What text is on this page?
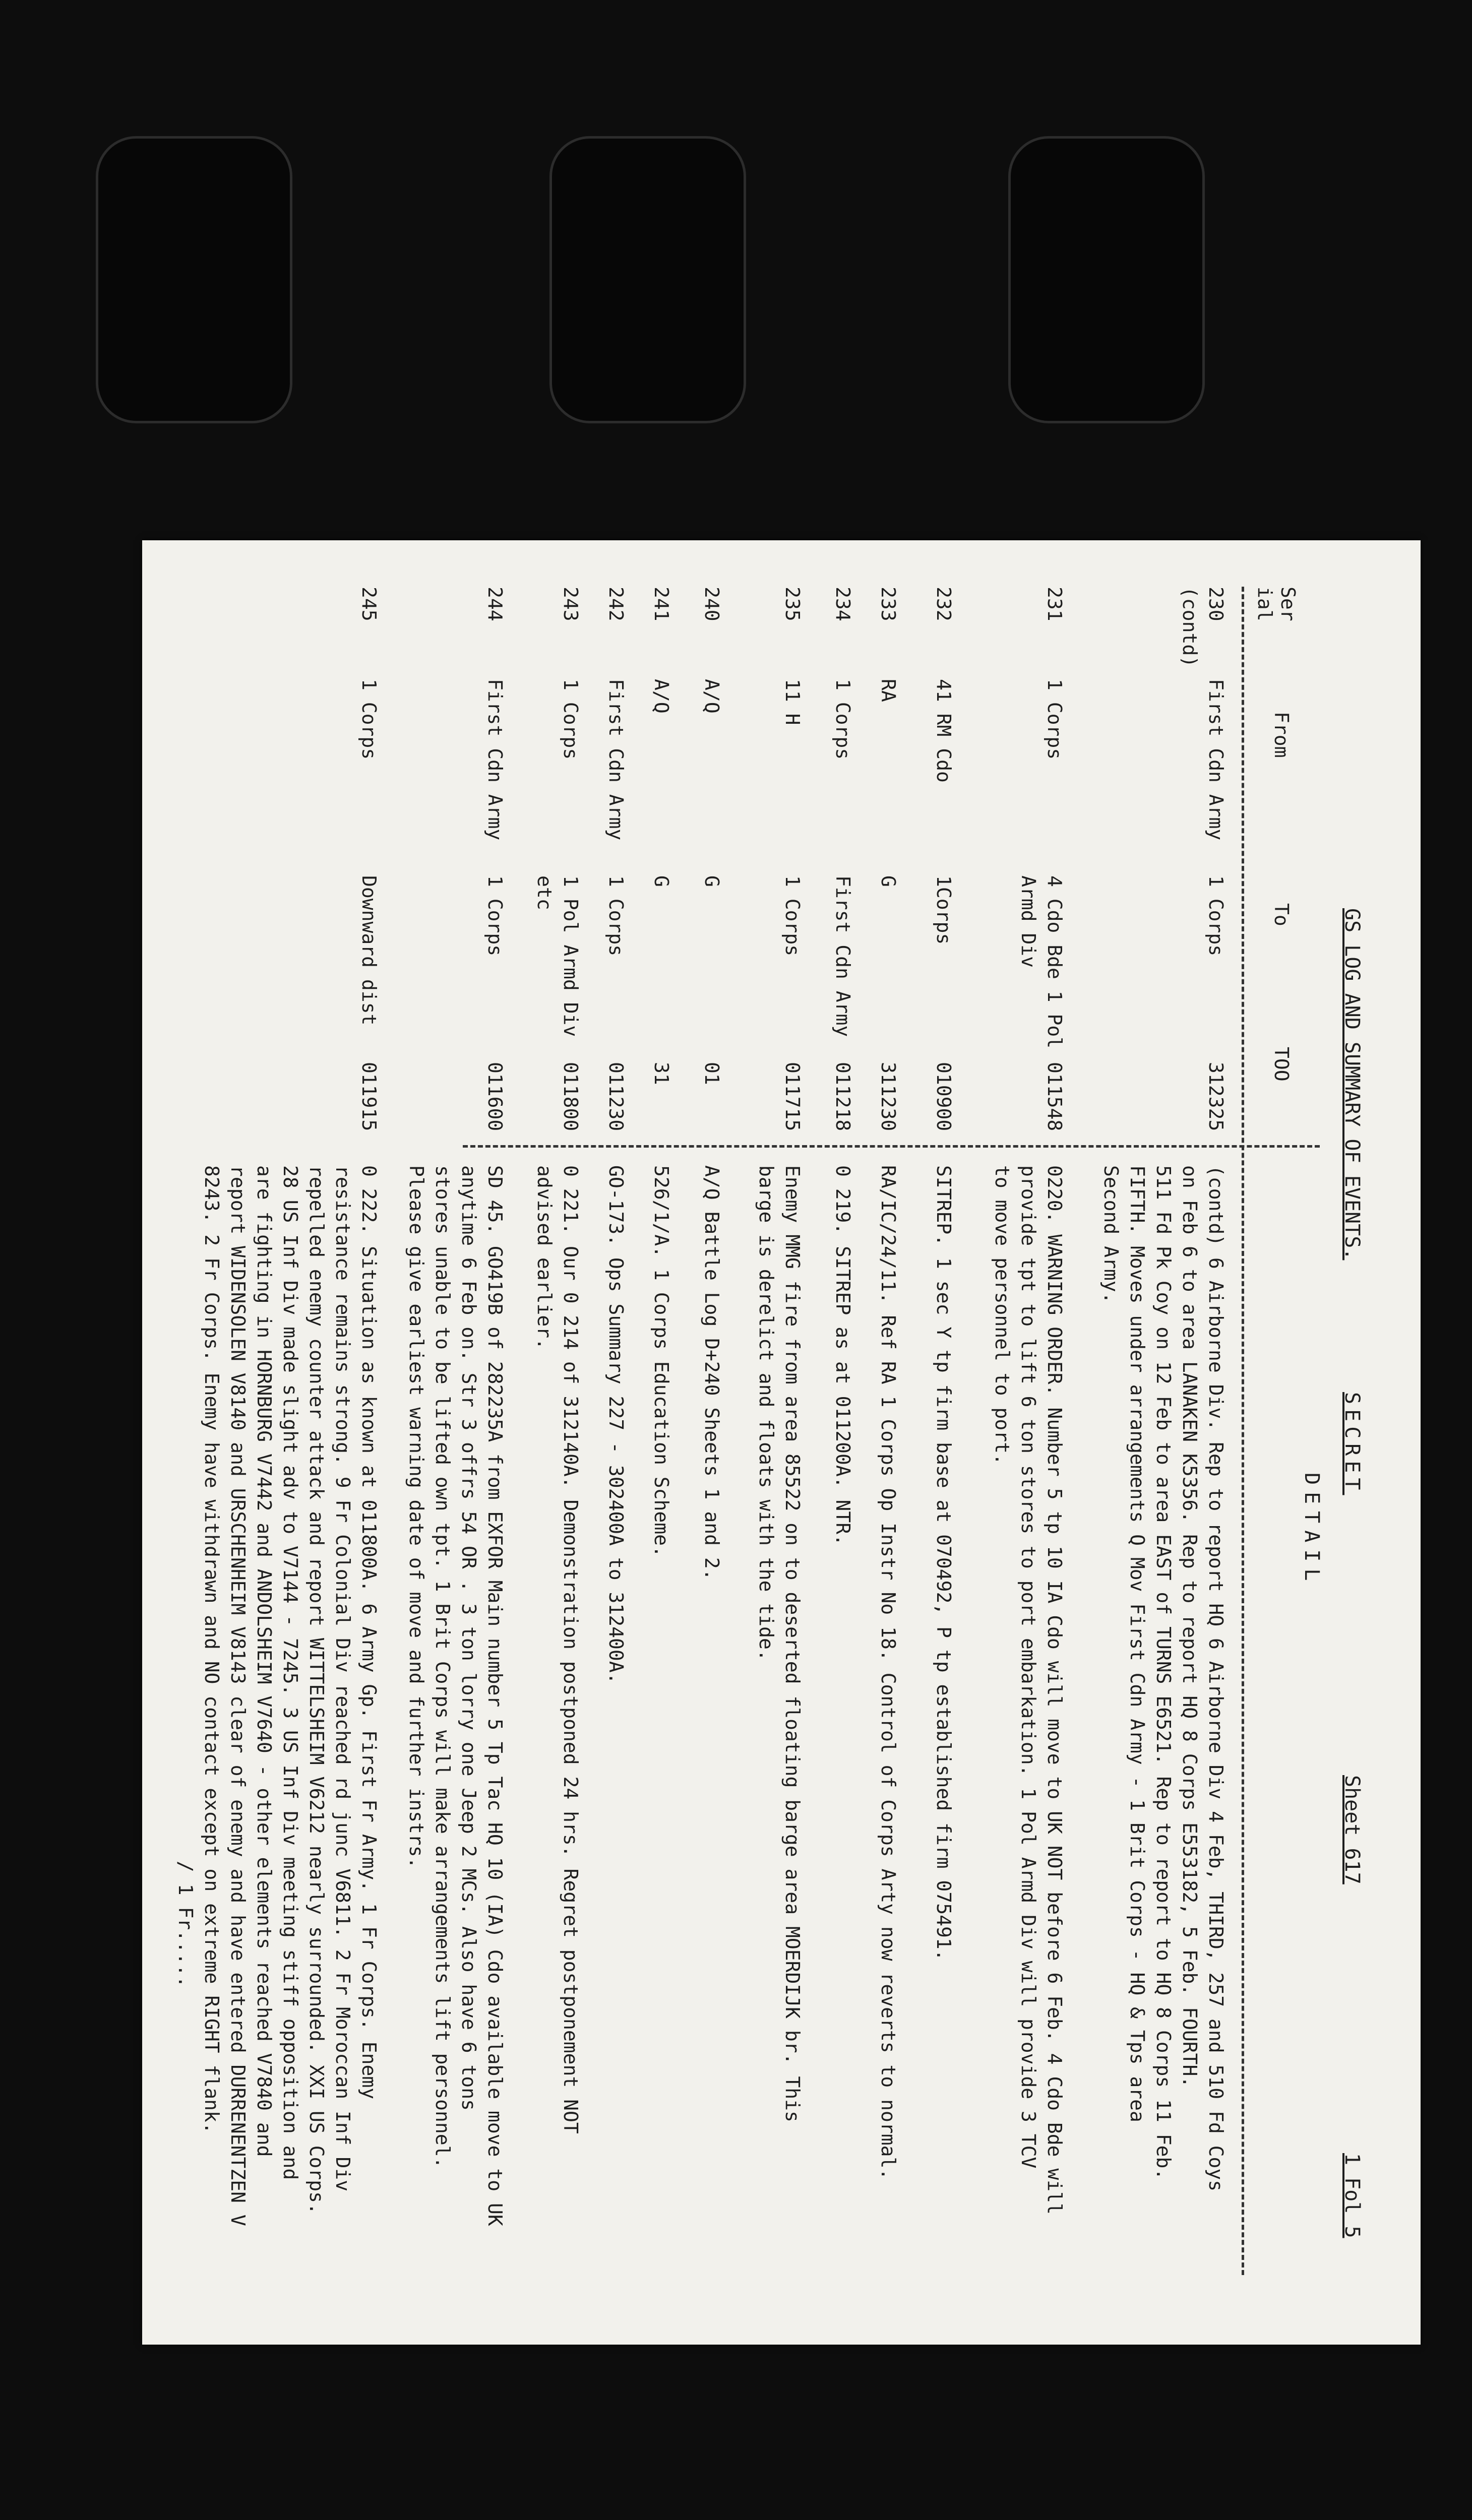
GS LOG AND SUMMARY OF EVENTS.
SECRET
Sheet 617
1 Fol 5
DETAIL
Ser ial
From
To
TOO
230 (contd)
First Cdn Army
1 Corps
312325

(contd) 6 Airborne Div. Rep to report HQ 6 Airborne Div 4 Feb, THIRD, 257 and 510 Fd Coys

on Feb 6 to area LANAKEN K5356. Rep to report HQ 8 Corps E553182, 5 Feb. FOURTH.

511 Fd Pk Coy on 12 Feb to area EAST of TURNS E6521. Rep to report to HQ 8 Corps 11 Feb.

FIFTH. Moves under arrangements Q Mov First Cdn Army - 1 Brit Corps - HQ & Tps area

Second Army.

231
1 Corps
4 Cdo Bde 1 Pol Armd Div
011548

0220. WARNING ORDER. Number 5 tp 10 IA Cdo will move to UK NOT before 6 Feb. 4 Cdo Bde will

provide tpt to lift 6 ton stores to port embarkation. 1 Pol Armd Div will provide 3 TCV

to move personnel to port.

232
41 RM Cdo
1Corps
010900

SITREP. 1 sec Y tp firm base at 070492, P tp established firm 075491.

233
RA
G
311230

RA/IC/24/11. Ref RA 1 Corps Op Instr No 18. Control of Corps Arty now reverts to normal.

234
1 Corps
First Cdn Army
011218

0 219. SITREP as at 011200A. NTR.

235
11 H
1 Corps
011715

Enemy MMG fire from area 85522 on to deserted floating barge area MOERDIJK br. This

barge is derelict and floats with the tide.

240
A/Q
G
01

A/Q Battle Log D+240 Sheets 1 and 2.

241
A/Q
G
31

526/1/A. 1 Corps Education Scheme.

242
First Cdn Army
1 Corps
011230

GO-173. Ops Summary 227 - 302400A to 312400A.

243
1 Corps
1 Pol Armd Div etc
011800

0 221. Our 0 214 of 312140A. Demonstration postponed 24 hrs. Regret postponement NOT

advised earlier.

244
First Cdn Army
1 Corps
011600

SD 45. GO419B of 282235A from EXFOR Main number 5 Tp Tac HQ 10 (IA) Cdo available move to UK

anytime 6 Feb on. Str 3 offrs 54 OR . 3 ton lorry one Jeep 2 MCs. Also have 6 tons

stores unable to be lifted own tpt. 1 Brit Corps will make arrangements lift personnel.

Please give earliest warning date of move and further instrs.

245
1 Corps
Downward dist
011915

0 222. Situation as known at 011800A. 6 Army Gp. First Fr Army. 1 Fr Corps. Enemy

resistance remains strong. 9 Fr Colonial Div reached rd junc V6811. 2 Fr Moroccan Inf Div

repelled enemy counter attack and report WITTELSHEIM V6212 nearly surrounded. XXI US Corps.

28 US Inf Div made slight adv to V7144 - 7245. 3 US Inf Div meeting stiff opposition and

are fighting in HORNBURG V7442 and ANDOLSHEIM V7640 - other elements reached V7840 and

report WIDENSOLEN V8140 and URSCHENHEIM V8143 clear of enemy and have entered DURRENENTZEN V

8243. 2 Fr Corps. Enemy have withdrawn and NO contact except on extreme RIGHT flank.

/ 1 Fr.....
